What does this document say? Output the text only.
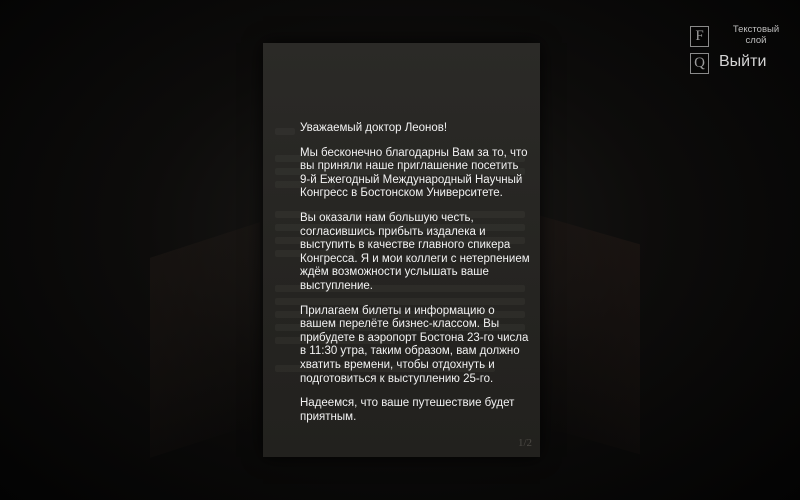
1/2

Уважаемый доктор Леонов!

Мы бесконечно благодарны Вам за то, что
вы приняли наше приглашение посетить
9-й Ежегодный Международный Научный
Конгресс в Бостонском Университете.

Вы оказали нам большую честь,
согласившись прибыть издалека и
выступить в качестве главного спикера
Конгресса. Я и мои коллеги с нетерпением
ждём возможности услышать ваше
выступление.

Прилагаем билеты и информацию о
вашем перелёте бизнес-классом. Вы
прибудете в аэропорт Бостона 23-го числа
в 11:30 утра, таким образом, вам должно
хватить времени, чтобы отдохнуть и
подготовиться к выступлению 25-го.

Надеемся, что ваше путешествие будет
приятным.

F	Текстовый
слой
Q Выйти
